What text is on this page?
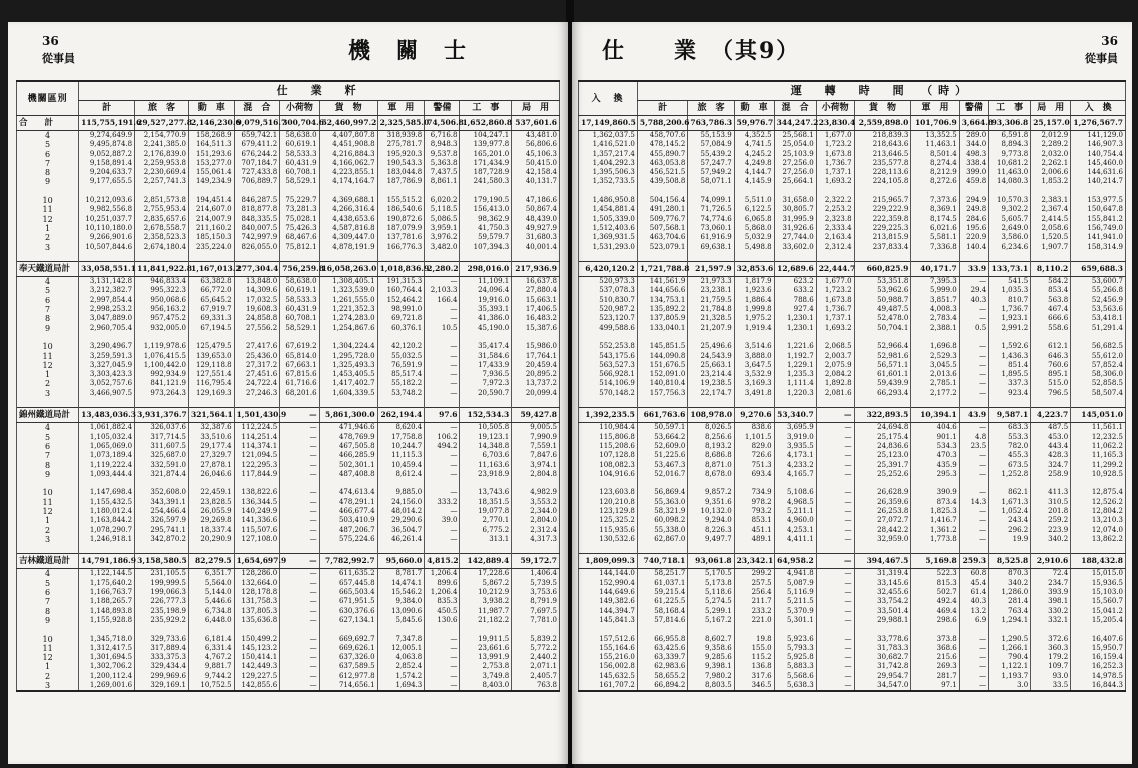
36
從事員	機　關　士
機關區別	仕　業　粁									
	計	旅　客	動　車	混　合	小荷物	貨　物	軍　用	警備	工　事	局　用
合　　計	115,755,191.6	29,527,277.8	2,146,230.6	9,079,516.7	300,704.6	52,460,997.2	2,325,585.0	74,506.8	1,652,860.8	537,601.6
4	9,274,649.9	2,154,770.9	158,268.9	659,742.1	58,638.0	4,407,807.8	318,939.8	6,716.8	104,247.1	43,481.0
5	9,495,874.8	2,241,385.0	164,511.3	679,411.2	60,619.1	4,451,908.8	275,781.7	8,948.3	139,977.8	56,806.6
6	9,052,887.2	2,176,839.0	151,293.6	676,244.2	58,533.3	4,216,884.3	195,920.3	9,537.8	165,201.0	45,106.3
7	9,158,891.4	2,259,953.8	153,277.0	707,184.7	60,431.9	4,166,062.7	190,543.3	5,363.8	171,434.9	50,415.0
8	9,204,633.7	2,230,669.4	155,061.4	727,433.8	60,708.1	4,223,855.1	183,044.8	7,437.5	187,728.9	42,158.4
9	9,177,655.5	2,257,741.3	149,234.9	706,889.7	58,529.1	4,174,164.7	187,786.9	8,861.1	241,580.3	40,131.7

10	10,212,093.6	2,851,573.8	194,451.4	846,287.5	75,229.7	4,369,688.1	155,515.2	6,020.2	179,190.5	47,186.6
11	9,982,556.8	2,755,953.4	214,607.0	818,877.8	73,281.3	4,266,316.4	186,540.6	5,118.5	156,413.0	50,867.4
12	10,251,037.7	2,835,657.6	214,007.9	848,335.5	75,028.1	4,438,653.6	190,872.6	5,086.5	98,362.9	48,439.0
1	10,110,180.0	2,678,558.7	211,160.2	840,007.5	75,426.3	4,587,816.8	187,079.9	3,959.1	41,750.3	49,927.9
2	9,266,901.6	2,358,523.3	185,150.3	742,997.9	68,467.6	4,309,447.0	137,781.6	3,976.2	59,579.7	31,680.3
3	10,507,844.6	2,674,180.4	235,224.0	826,055.0	75,812.1	4,878,191.9	166,776.3	3,482.0	107,394.3	40,001.4

奉天鐵道局計	33,058,551.1	11,841,922.8	1,167,013.2	277,304.4	756,259.8	16,058,263.0	1,018,836.9	2,280.2	298,016.0	217,936.9
4	3,131,142.8	946,833.4	63,382.8	13,848.0	58,638.0	1,308,405.1	191,315.3	—	11,109.1	16,637.8
5	3,212,382.7	995,322.3	66,772.0	14,309.6	60,619.1	1,323,539.0	160,764.4	2,103.3	24,096.4	27,880.4
6	2,997,854.4	950,068.6	65,645.2	17,032.5	58,533.3	1,261,555.0	152,464.2	166.4	19,916.0	15,663.1
7	2,998,253.2	956,163.2	67,919.7	19,608.3	60,431.9	1,221,352.3	98,991.0	—	35,393.1	17,406.5
8	3,047,889.0	957,475.2	69,331.3	24,858.8	60,708.1	1,274,283.0	69,721.8	—	41,386.0	16,483.2
9	2,960,705.4	932,005.0	67,194.5	27,556.2	58,529.1	1,254,867.6	60,376.1	10.5	45,190.0	15,387.6

10	3,290,496.7	1,119,978.6	125,479.5	27,417.6	67,619.2	1,304,224.4	42,120.2	—	35,417.4	15,986.0
11	3,259,591.3	1,076,415.5	139,653.0	25,436.0	65,814.0	1,295,728.0	55,032.5	—	31,584.6	17,764.1
12	3,327,045.9	1,100,442.0	129,118.8	27,317.2	67,663.1	1,325,493.3	76,591.9	—	17,433.9	20,459.4
1	3,303,423.3	992,934.9	127,551.4	27,451.6	67,815.6	1,453,405.5	85,517.4	—	7,936.5	20,895.2
2	3,052,757.6	841,121.9	116,795.4	24,722.4	61,716.6	1,417,402.7	55,182.2	—	7,972.3	13,737.2
3	3,466,907.5	973,264.3	129,169.3	27,246.3	68,201.6	1,604,339.5	53,748.2	—	20,590.7	20,099.4

錦州鐵道局計	13,483,036.3	3,931,376.7	321,564.1	1,501,430.9	—	5,861,300.0	262,194.4	97.6	152,534.3	59,427.8
4	1,061,882.4	326,037.6	32,387.6	112,224.5	—	471,946.6	8,620.4	—	10,505.8	9,005.5
5	1,105,032.4	317,714.5	33,510.6	114,251.4	—	478,769.9	17,758.8	106.2	19,123.1	7,990.9
6	1,065,069.0	311,607.5	29,177.4	114,374.1	—	467,505.8	10,244.7	494.2	14,348.8	7,559.1
7	1,073,189.4	325,687.0	27,329.7	121,094.5	—	466,285.9	11,115.3	—	6,703.6	7,847.6
8	1,119,222.4	332,591.0	27,878.1	122,295.3	—	502,301.1	10,459.4	—	11,163.6	3,974.1
9	1,093,444.4	321,874.4	26,046.6	117,844.9	—	487,408.8	8,612.4	—	23,918.9	2,804.8

10	1,147,698.4	352,608.0	22,459.1	138,822.6	—	474,613.4	9,885.0	—	13,743.6	4,982.9
11	1,155,432.5	343,391.1	23,828.5	136,344.5	—	478,291.1	24,156.0	333.2	18,351.5	3,553.2
12	1,180,012.4	254,466.4	26,055.9	140,249.9	—	466,677.4	48,014.2	—	19,077.8	2,344.0
1	1,163,844.2	326,597.9	29,269.8	141,336.6	—	503,410.9	29,290.6	39.0	2,770.1	2,804.0
2	1,078,290.7	295,741.1	18,337.4	115,507.6	—	487,206.7	36,504.7	—	6,775.2	2,312.4
3	1,246,918.1	342,870.2	20,290.9	127,108.0	—	575,224.6	46,261.4	—	313.1	4,317.3

吉林鐵道局計	14,791,186.9	3,158,580.5	82,279.5	1,654,697.9	—	7,782,992.7	95,660.0	4,815.2	142,889.4	59,172.7
4	1,122,144.5	231,105.5	6,351.7	128,286.0	—	611,635.2	8,781.7	1,206.4	17,228.6	1,406.4
5	1,175,640.2	199,999.5	5,564.0	132,664.0	—	657,445.8	14,474.1	899.6	5,867.2	5,739.5
6	1,166,763.7	199,066.3	5,144.0	128,178.8	—	665,503.4	15,546.2	1,206.4	10,212.9	3,753.6
7	1,188,265.7	226,777.3	5,446.6	131,758.3	—	671,951.5	9,384.0	835.3	3,938.2	8,791.9
8	1,148,893.8	235,198.9	6,734.8	137,805.3	—	630,376.6	13,090.6	450.5	11,987.7	7,697.5
9	1,155,928.8	235,929.2	6,448.0	135,636.8	—	627,134.1	5,845.6	130.6	21,182.2	7,781.0

10	1,345,718.0	329,733.6	6,181.4	150,499.2	—	669,692.7	7,347.8	—	19,911.5	5,839.2
11	1,312,417.5	317,889.4	6,331.4	145,123.2	—	669,626.1	12,005.1	—	23,661.6	5,772.2
12	1,301,694.5	333,375.3	4,767.2	150,414.1	—	637,326.0	4,063.8	—	13,991.9	2,440.2
1	1,302,706.2	329,434.4	9,881.7	142,449.3	—	637,589.5	2,852.4	—	2,753.8	2,071.1
2	1,200,112.4	299,969.6	9,744.2	129,227.5	—	612,977.8	1,574.2	—	3,749.8	2,405.7
3	1,269,001.6	329,169.1	10,752.5	142,855.6	—	714,656.1	1,694.3	—	8,403.0	763.8
仕　　業　（其9）	36
從事員
入　換	運　轉　時　間　（時）										
	計	旅　客	動　車	混　合	小荷物	貨　物	軍　用	警備	工　事	局　用	入　換
17,149,860.5	5,788,200.6	763,786.3	59,976.7	344,247.2	23,830.4	2,559,898.0	101,706.9	3,664.8	93,306.8	25,157.0	1,276,567.7
1,362,037.5	458,707.6	55,153.9	4,352.5	25,568.1	1,677.0	218,839.3	13,352.5	289.0	6,591.8	2,012.9	141,129.0
1,416,521.0	478,145.2	57,084.9	4,741.5	25,054.0	1,723.2	218,643.6	11,463.1	344.0	8,894.3	2,289.2	146,907.3
1,357,217.4	455,890.7	55,439.2	4,245.2	25,103.9	1,673.8	213,646.5	8,501.4	498.3	9,773.8	2,032.0	140,754.4
1,404,292.3	463,053.8	57,247.7	4,249.8	27,256.0	1,736.7	235,577.8	8,274.4	338.4	10,681.2	2,262.1	145,460.0
1,395,506.3	456,521.5	57,949.2	4,144.7	27,256.0	1,737.1	228,113.6	8,212.9	399.0	11,463.0	2,006.6	144,631.6
1,352,733.5	439,508.8	58,071.1	4,145.9	25,664.1	1,693.2	224,105.8	8,272.6	459.8	14,080.3	1,853.2	140,214.7

1,486,950.8	504,156.4	74,099.1	5,511.0	31,658.0	2,322.2	215,965.7	7,373.6	294.9	10,570.3	2,383.1	153,977.5
1,454,881.4	491,280.1	71,726.5	6,122.5	30,805.7	2,253.2	229,222.9	8,369.1	249.8	9,302.2	2,367.4	150,647.8
1,505,339.0	509,776.7	74,774.6	6,065.8	31,995.9	2,323.8	222,359.8	8,174.5	284.6	5,605.7	2,414.5	155,841.2
1,512,403.6	507,568.1	73,060.1	5,868.0	31,926.6	2,333.4	229,225.3	6,021.6	195.6	2,649.0	2,058.6	156,749.0
1,369,931.5	463,704.6	61,916.9	5,032.9	27,744.0	2,163.4	213,815.9	5,581.1	220.9	3,586.0	1,520.5	141,941.0
1,531,293.0	523,079.1	69,638.1	5,498.8	33,602.0	2,312.4	237,833.4	7,336.8	140.4	6,234.6	1,907.7	158,314.9

6,420,120.2	1,721,788.8	21,597.9	32,853.6	12,689.6	22,444.7	660,825.9	40,171.7	33.9	133,73.1	8,110.2	659,688.3
520,973.3	141,561.9	21,973.3	1,817.9	623.2	1,677.0	53,351.8	7,395.3	—	541.5	584.2	53,600.7
537,078.3	144,656.6	23,238.1	1,923.6	633.2	1,723.2	53,962.6	5,999.0	29.4	1,035.3	853.4	55,266.8
510,830.7	134,753.1	21,759.5	1,886.4	788.6	1,673.8	50,988.7	3,851.7	40.3	810.7	563.8	52,456.9
520,987.2	135,892.2	21,784.8	1,999.8	927.4	1,736.7	49,487.5	4,008.3	—	1,736.7	467.4	53,563.6
523,120.7	137,805.9	21,328.5	1,975.2	1,230.1	1,737.1	52,478.0	2,783.4	—	1,923.1	666.6	53,418.1
499,588.6	133,040.1	21,207.9	1,919.4	1,230.1	1,693.2	50,704.1	2,388.1	0.5	2,991.2	558.6	51,291.4

552,253.8	145,851.5	25,496.6	3,514.6	1,221.6	2,068.5	52,966.4	1,696.8	—	1,592.6	612.1	56,682.5
543,175.6	144,090.8	24,543.9	3,888.0	1,192.7	2,003.7	52,981.6	2,529.3	—	1,436.3	646.3	55,612.0
563,527.3	151,676.5	25,663.1	3,647.5	1,229.1	2,075.9	56,571.1	3,045.5	—	851.4	760.6	57,852.4
566,928.1	152,091.0	23,214.4	3,532.9	1,235.3	2,084.2	61,601.1	2,013.6	—	1,895.5	895.1	58,306.0
514,106.9	140,810.4	19,238.5	3,169.3	1,111.4	1,892.8	59,439.9	2,785.1	—	337.3	515.0	52,858.5
570,148.2	157,756.3	22,174.7	3,491.8	1,220.3	2,081.6	66,293.4	2,177.2	—	923.4	796.5	58,507.4

1,392,235.5	661,763.6	108,978.0	9,270.6	53,340.7	—	322,893.5	10,394.1	43.9	9,587.1	4,223.7	145,051.0
110,984.4	50,597.1	8,026.5	838.6	3,695.9	—	24,694.8	404.6	—	683.3	487.5	11,561.1
115,806.8	53,664.2	8,256.6	1,101.5	3,919.0	—	25,175.4	901.1	4.8	553.3	453.0	12,232.5
115,208.6	52,609.0	8,193.2	829.0	3,935.5	—	24,836.6	534.3	23.5	782.0	443.4	11,062.2
107,128.8	51,225.6	8,686.8	726.6	4,173.1	—	25,123.0	470.3	—	455.3	428.3	11,165.3
108,082.3	53,467.3	8,871.0	751.3	4,233.2	—	25,391.7	435.9	—	673.5	324.7	11,299.2
104,916.6	52,016.7	8,678.0	693.4	4,165.7	—	25,252.6	295.3	—	1,252.8	258.9	10,928.5

123,603.8	56,869.4	9,857.2	734.9	5,108.6	—	26,628.9	390.9	—	862.1	411.3	12,875.4
120,210.8	55,363.0	9,351.6	978.2	4,968.5	—	26,359.6	873.4	14.3	1,671.3	310.5	12,526.2
123,129.8	58,321.9	10,132.0	793.2	5,211.1	—	26,253.8	1,825.3	—	1,052.4	201.8	12,804.2
125,325.2	60,098.2	9,294.0	853.1	4,960.0	—	27,072.7	1,416.7	—	243.4	259.2	13,210.3
115,935.6	55,338.0	8,226.3	451.1	4,253.1	—	28,442.2	1,361.2	—	296.2	223.9	12,074.0
130,532.6	62,867.0	9,497.7	489.1	4,411.1	—	32,959.0	1,773.8	—	19.9	340.2	13,862.2

1,809,099.3	740,718.1	93,061.8	23,342.1	64,958.2	—	394,467.5	5,169.8	259.3	8,525.8	2,910.6	188,432.8
144,144.0	58,251.7	5,170.5	299.2	4,941.8	—	31,319.4	522.3	60.8	870.3	72.4	15,015.0
152,990.4	61,037.1	5,173.8	257.5	5,087.9	—	33,145.6	815.3	45.4	340.2	234.7	15,936.5
144,649.6	59,215.4	5,118.6	256.4	5,116.9	—	32,455.6	502.7	61.4	1,286.0	393.9	15,103.0
149,382.6	61,225.5	5,274.5	211.7	5,211.5	—	33,754.2	492.4	40.3	281.4	398.1	15,560.7
144,394.7	58,168.4	5,299.1	233.2	5,370.9	—	33,501.4	469.4	13.2	763.4	330.2	15,041.2
145,841.3	57,814.6	5,167.2	221.0	5,301.1	—	29,988.1	298.6	6.9	1,294.1	332.1	15,205.4

157,512.6	66,955.8	8,602.7	19.8	5,923.6	—	33,778.6	373.8	—	1,290.5	372.6	16,407.6
155,164.6	63,425.6	9,358.6	155.0	5,793.3	—	31,783.3	368.6	—	1,266.1	360.3	15,950.7
155,216.0	63,339.7	9,285.6	115.2	5,925.8	—	30,682.7	215.6	—	790.4	179.2	16,159.4
156,002.8	62,983.6	9,398.1	136.8	5,883.3	—	31,742.8	269.3	—	1,122.1	109.7	16,252.3
145,632.5	58,655.2	7,980.2	317.6	5,568.6	—	29,954.7	281.7	—	1,193.7	93.0	14,978.5
161,707.2	66,894.2	8,803.5	346.5	5,638.3	—	34,547.0	97.1	—	3.0	33.5	16,844.3
